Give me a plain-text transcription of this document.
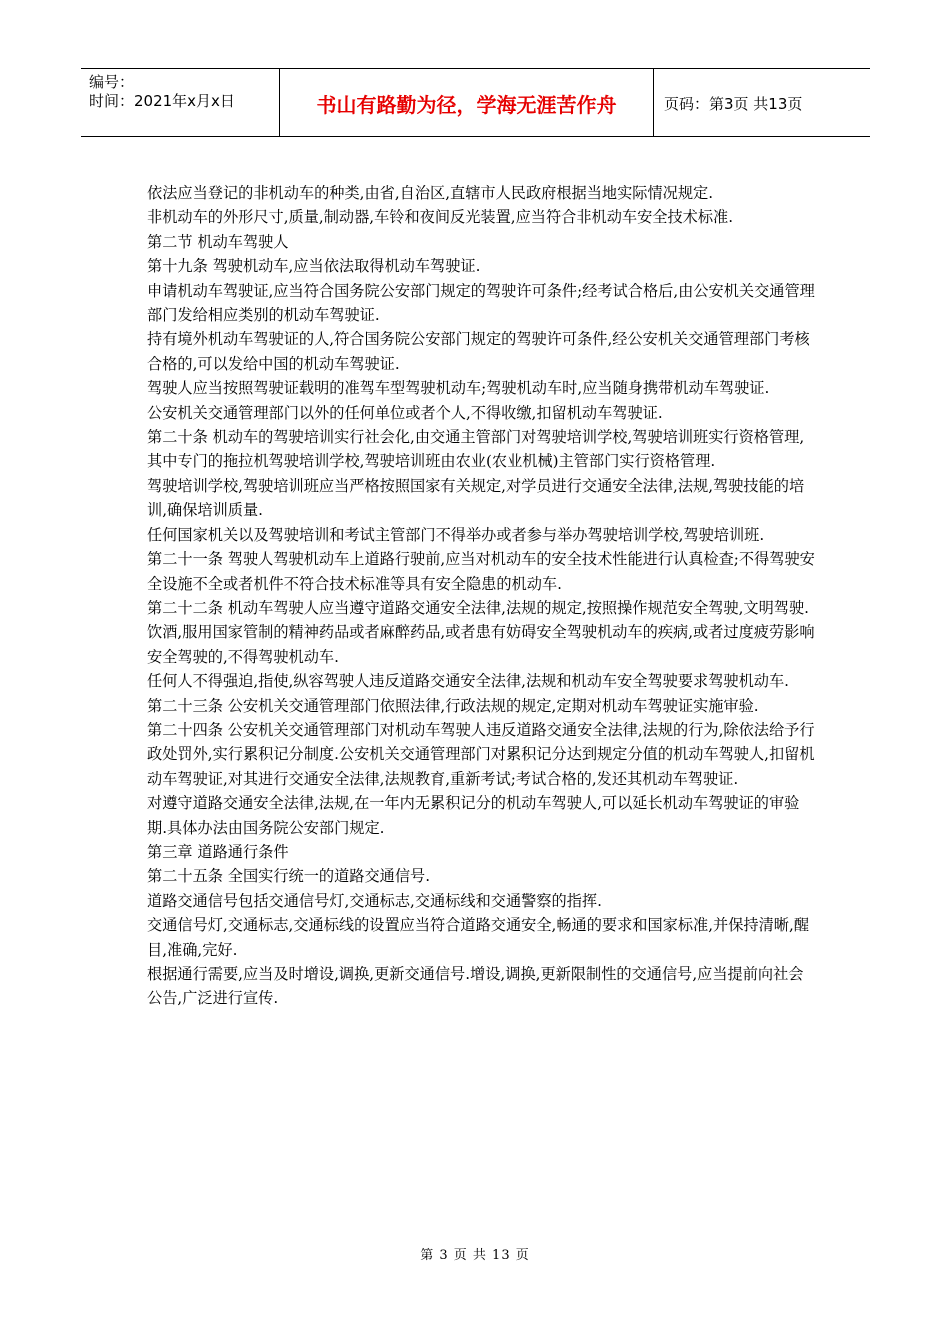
编号：
时间：2021年x月x日	书山有路勤为径，学海无涯苦作舟	页码：第3页 共13页

依法应当登记的非机动车的种类,由省,自治区,直辖市人民政府根据当地实际情况规定.

非机动车的外形尺寸,质量,制动器,车铃和夜间反光装置,应当符合非机动车安全技术标准.

第二节 机动车驾驶人

第十九条 驾驶机动车,应当依法取得机动车驾驶证.

申请机动车驾驶证,应当符合国务院公安部门规定的驾驶许可条件;经考试合格后,由公安机关交通管理部门发给相应类别的机动车驾驶证.

持有境外机动车驾驶证的人,符合国务院公安部门规定的驾驶许可条件,经公安机关交通管理部门考核合格的,可以发给中国的机动车驾驶证.

驾驶人应当按照驾驶证载明的准驾车型驾驶机动车;驾驶机动车时,应当随身携带机动车驾驶证.

公安机关交通管理部门以外的任何单位或者个人,不得收缴,扣留机动车驾驶证.

第二十条 机动车的驾驶培训实行社会化,由交通主管部门对驾驶培训学校,驾驶培训班实行资格管理,其中专门的拖拉机驾驶培训学校,驾驶培训班由农业(农业机械)主管部门实行资格管理.

驾驶培训学校,驾驶培训班应当严格按照国家有关规定,对学员进行交通安全法律,法规,驾驶技能的培训,确保培训质量.

任何国家机关以及驾驶培训和考试主管部门不得举办或者参与举办驾驶培训学校,驾驶培训班.

第二十一条 驾驶人驾驶机动车上道路行驶前,应当对机动车的安全技术性能进行认真检查;不得驾驶安全设施不全或者机件不符合技术标准等具有安全隐患的机动车.

第二十二条 机动车驾驶人应当遵守道路交通安全法律,法规的规定,按照操作规范安全驾驶,文明驾驶.

饮酒,服用国家管制的精神药品或者麻醉药品,或者患有妨碍安全驾驶机动车的疾病,或者过度疲劳影响安全驾驶的,不得驾驶机动车.

任何人不得强迫,指使,纵容驾驶人违反道路交通安全法律,法规和机动车安全驾驶要求驾驶机动车.

第二十三条 公安机关交通管理部门依照法律,行政法规的规定,定期对机动车驾驶证实施审验.

第二十四条 公安机关交通管理部门对机动车驾驶人违反道路交通安全法律,法规的行为,除依法给予行政处罚外,实行累积记分制度.公安机关交通管理部门对累积记分达到规定分值的机动车驾驶人,扣留机动车驾驶证,对其进行交通安全法律,法规教育,重新考试;考试合格的,发还其机动车驾驶证.

对遵守道路交通安全法律,法规,在一年内无累积记分的机动车驾驶人,可以延长机动车驾驶证的审验期.具体办法由国务院公安部门规定.

第三章 道路通行条件

第二十五条 全国实行统一的道路交通信号.

道路交通信号包括交通信号灯,交通标志,交通标线和交通警察的指挥.

交通信号灯,交通标志,交通标线的设置应当符合道路交通安全,畅通的要求和国家标准,并保持清晰,醒目,准确,完好.

根据通行需要,应当及时增设,调换,更新交通信号.增设,调换,更新限制性的交通信号,应当提前向社会公告,广泛进行宣传.

第 3 页 共 13 页
